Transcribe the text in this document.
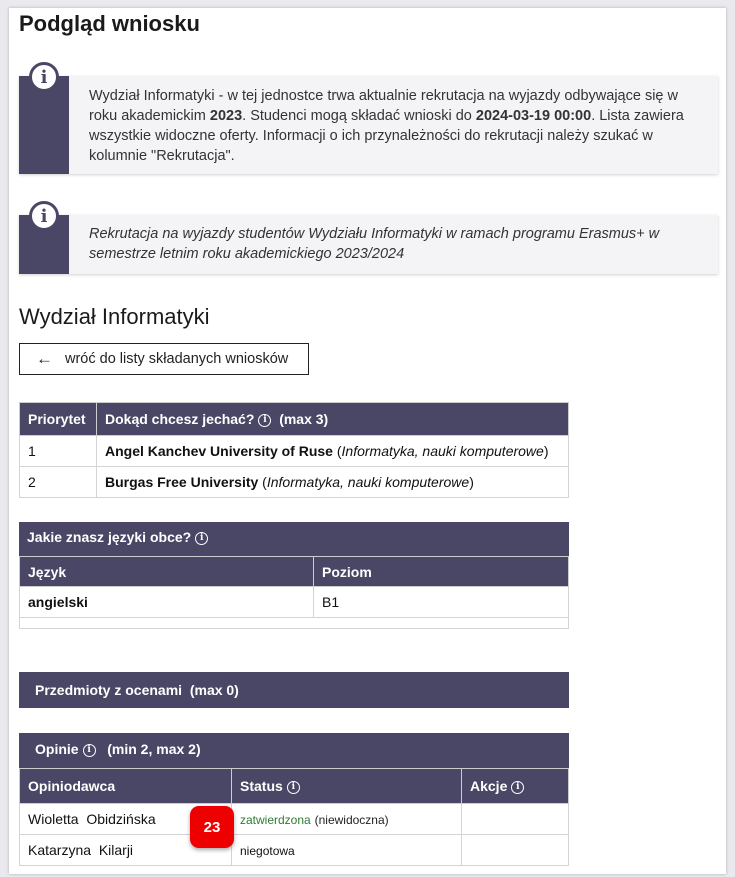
Podgląd wniosku
i
Wydział Informatyki - w tej jednostce trwa aktualnie rekrutacja na wyjazdy odbywające się w roku akademickim 2023. Studenci mogą składać wnioski do 2024-03-19 00:00. Lista zawiera wszystkie widoczne oferty. Informacji o ich przynależności do rekrutacji należy szukać w kolumnie "Rekrutacja".
i
Rekrutacja na wyjazdy studentów Wydziału Informatyki w ramach programu Erasmus+ w semestrze letnim roku akademickiego 2023/2024
Wydział Informatyki
← wróć do listy składanych wniosków
Priorytet	Dokąd chcesz jechać? i (max 3)
1	Angel Kanchev University of Ruse (Informatyka, nauki komputerowe)
2	Burgas Free University (Informatyka, nauki komputerowe)
Jakie znasz języki obce? i
Język	Poziom
angielski	B1

Przedmioty z ocenami (max 0)
Opinie i (min 2, max 2)
Opiniodawca	Status i	Akcje i
Wioletta  Obidzińska	zatwierdzona (niewidoczna)	
Katarzyna  Kilarji	niegotowa	
23
